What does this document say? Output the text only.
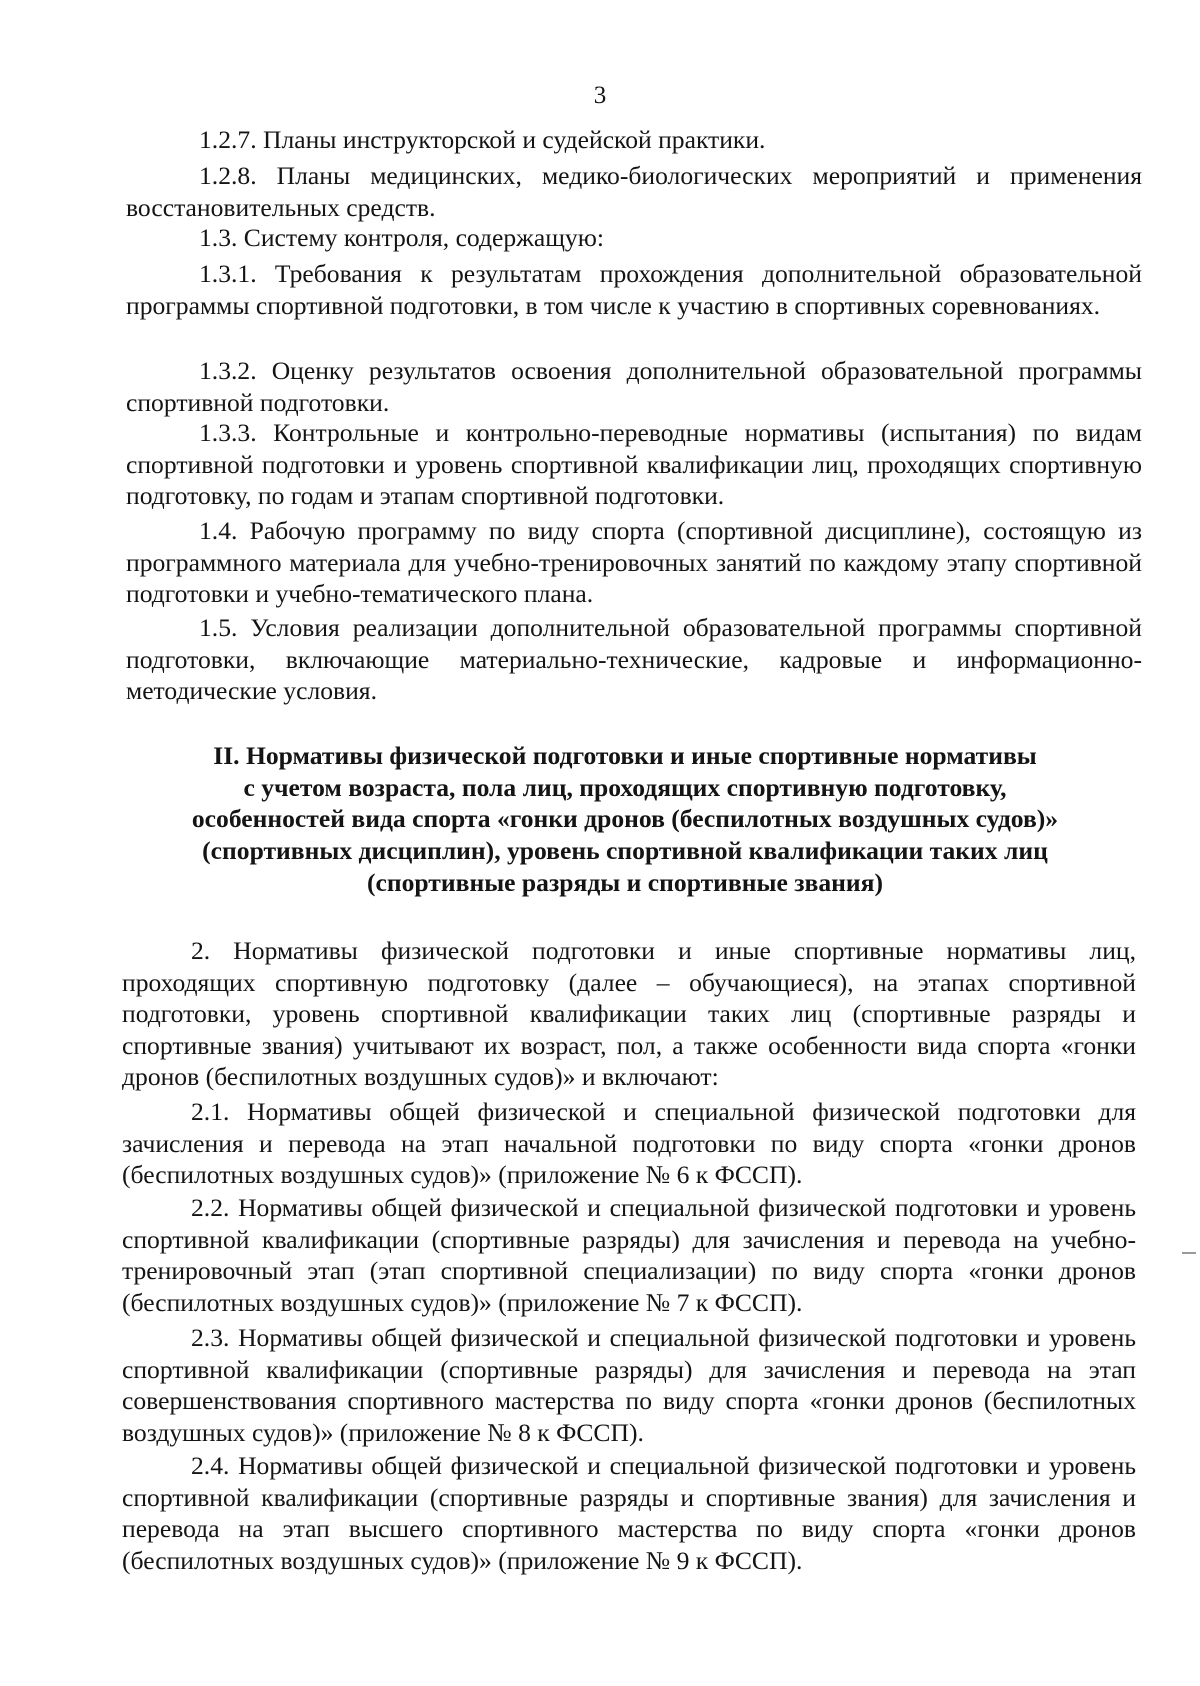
3

1.2.7. Планы инструкторской и судейской практики.

1.2.8. Планы медицинских, медико-биологических мероприятий и применения восстановительных средств.

1.3. Систему контроля, содержащую:

1.3.1. Требования к результатам прохождения дополнительной образовательной программы спортивной подготовки, в том числе к участию в спортивных соревнованиях.

1.3.2. Оценку результатов освоения дополнительной образовательной программы спортивной подготовки.

1.3.3. Контрольные и контрольно-переводные нормативы (испытания) по видам спортивной подготовки и уровень спортивной квалификации лиц, проходящих спортивную подготовку, по годам и этапам спортивной подготовки.

1.4. Рабочую программу по виду спорта (спортивной дисциплине), состоящую из программного материала для учебно-тренировочных занятий по каждому этапу спортивной подготовки и учебно-тематического плана.

1.5. Условия реализации дополнительной образовательной программы спортивной подготовки, включающие материально-технические, кадровые и информационно-методические условия.

II. Нормативы физической подготовки и иные спортивные нормативы
с учетом возраста, пола лиц, проходящих спортивную подготовку,
особенностей вида спорта «гонки дронов (беспилотных воздушных судов)»
(спортивных дисциплин), уровень спортивной квалификации таких лиц
(спортивные разряды и спортивные звания)

2. Нормативы физической подготовки и иные спортивные нормативы лиц, проходящих спортивную подготовку (далее – обучающиеся), на этапах спортивной подготовки, уровень спортивной квалификации таких лиц (спортивные разряды и спортивные звания) учитывают их возраст, пол, а также особенности вида спорта «гонки дронов (беспилотных воздушных судов)» и включают:

2.1. Нормативы общей физической и специальной физической подготовки для зачисления и перевода на этап начальной подготовки по виду спорта «гонки дронов (беспилотных воздушных судов)» (приложение № 6 к ФССП).

2.2. Нормативы общей физической и специальной физической подготовки и уровень спортивной квалификации (спортивные разряды) для зачисления и перевода на учебно-тренировочный этап (этап спортивной специализации) по виду спорта «гонки дронов (беспилотных воздушных судов)» (приложение № 7 к ФССП).

2.3. Нормативы общей физической и специальной физической подготовки и уровень спортивной квалификации (спортивные разряды) для зачисления и перевода на этап совершенствования спортивного мастерства по виду спорта «гонки дронов (беспилотных воздушных судов)» (приложение № 8 к ФССП).

2.4. Нормативы общей физической и специальной физической подготовки и уровень спортивной квалификации (спортивные разряды и спортивные звания) для зачисления и перевода на этап высшего спортивного мастерства по виду спорта «гонки дронов (беспилотных воздушных судов)» (приложение № 9 к ФССП).
